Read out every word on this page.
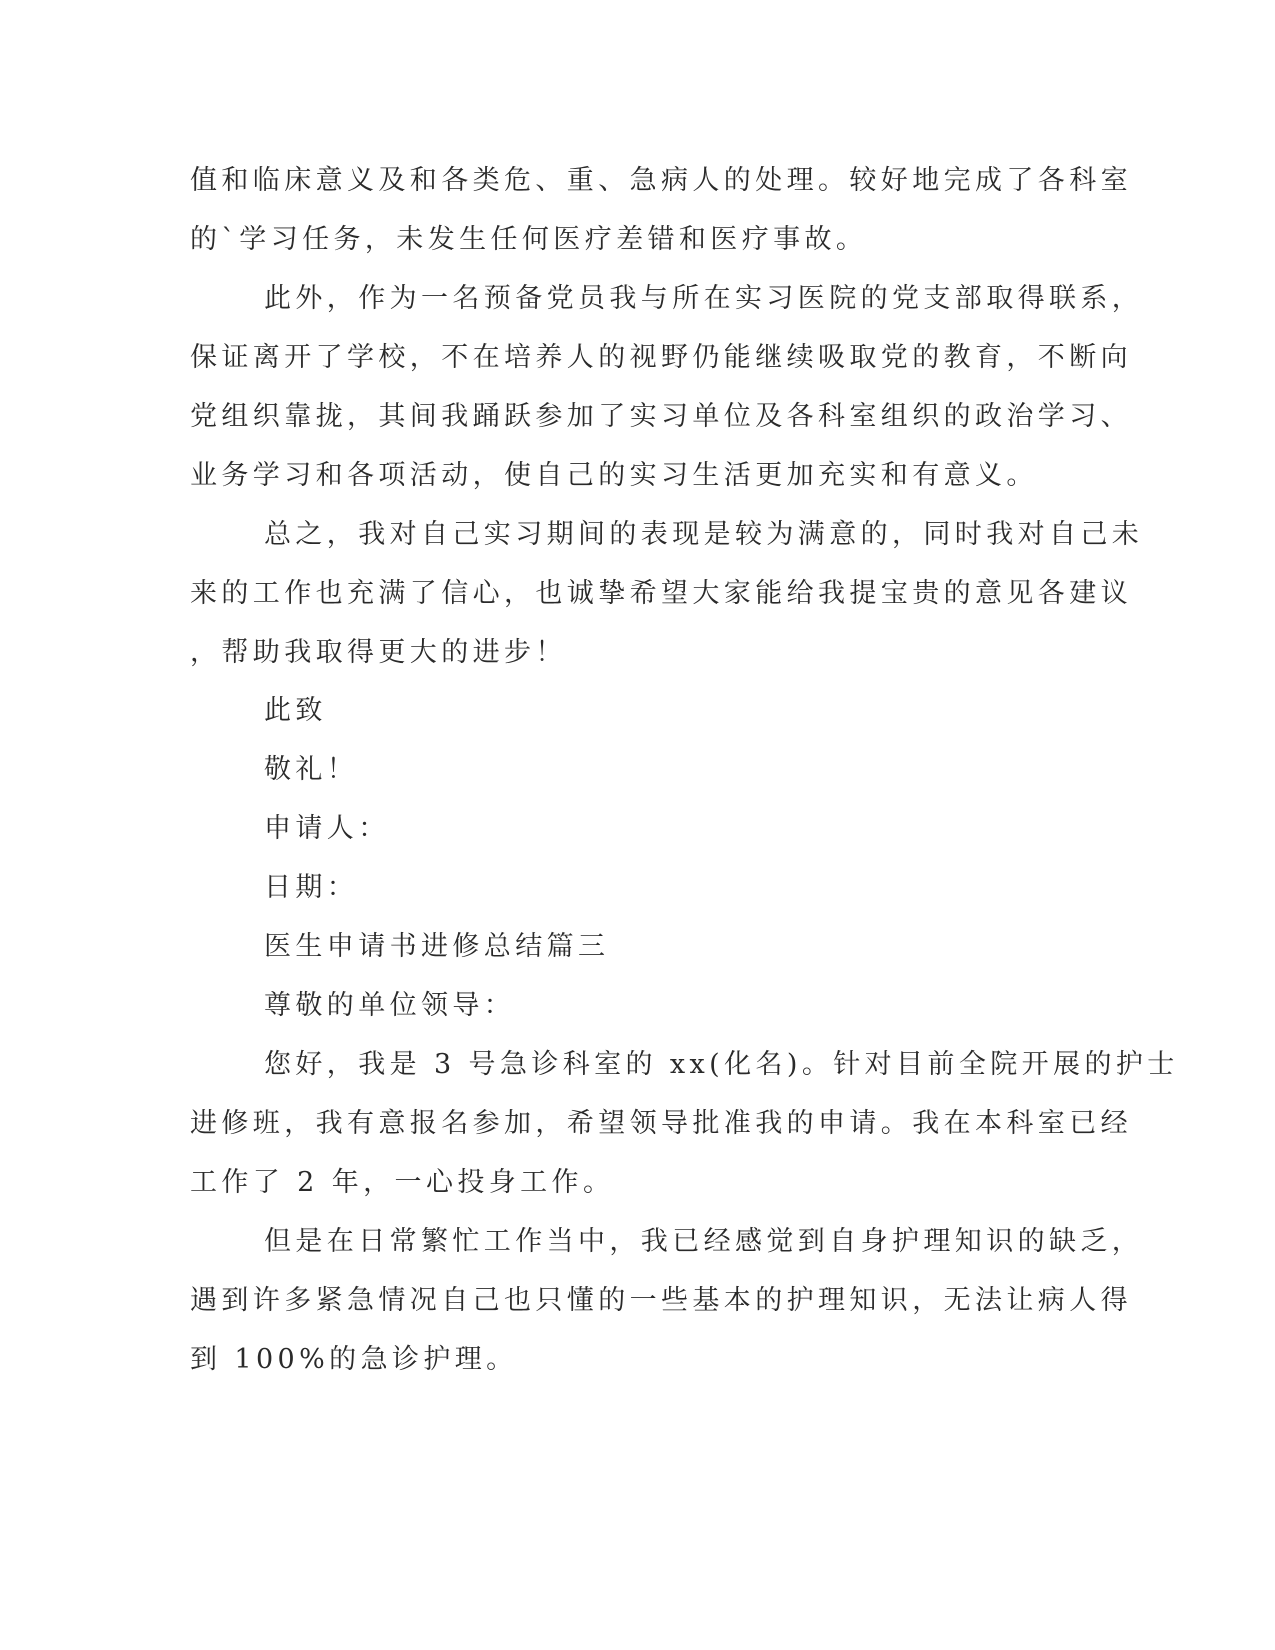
值和临床意义及和各类危、重、急病人的处理。较好地完成了各科室
的`学习任务，未发生任何医疗差错和医疗事故。
此外，作为一名预备党员我与所在实习医院的党支部取得联系，
保证离开了学校，不在培养人的视野仍能继续吸取党的教育，不断向
党组织靠拢，其间我踊跃参加了实习单位及各科室组织的政治学习、
业务学习和各项活动，使自己的实习生活更加充实和有意义。
总之，我对自己实习期间的表现是较为满意的，同时我对自己未
来的工作也充满了信心，也诚挚希望大家能给我提宝贵的意见各建议
，帮助我取得更大的进步！
此致
敬礼！
申请人：
日期：
医生申请书进修总结篇三
尊敬的单位领导：
您好，我是 3 号急诊科室的 xx(化名)。针对目前全院开展的护士
进修班，我有意报名参加，希望领导批准我的申请。我在本科室已经
工作了 2 年，一心投身工作。
但是在日常繁忙工作当中，我已经感觉到自身护理知识的缺乏，
遇到许多紧急情况自己也只懂的一些基本的护理知识，无法让病人得
到 100%的急诊护理。
